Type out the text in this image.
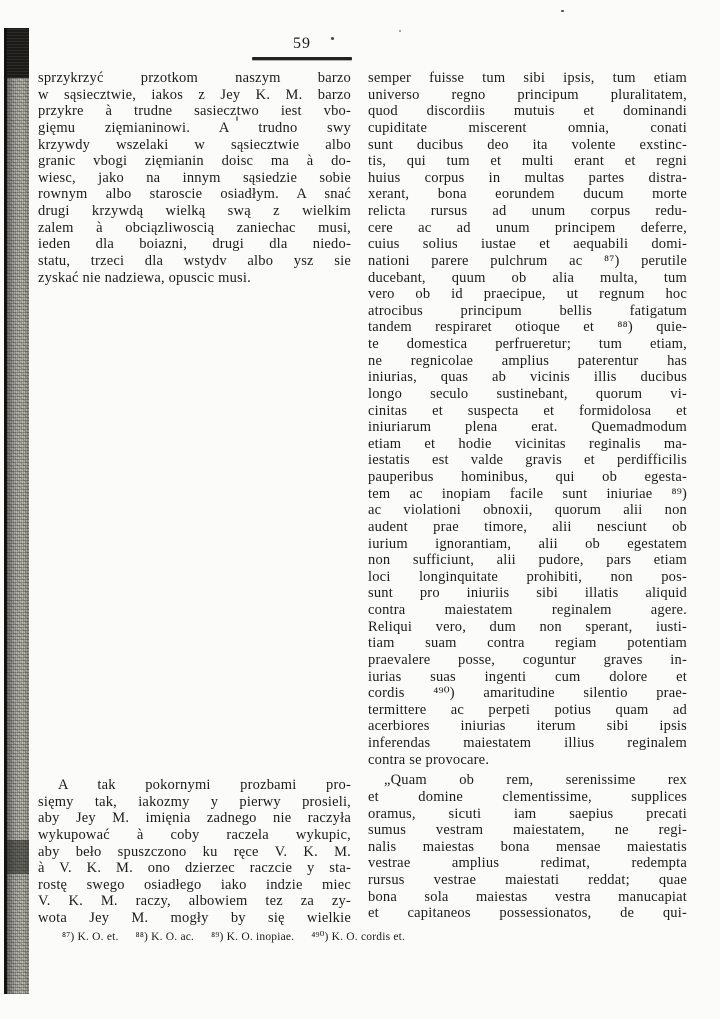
59
sprzykrzyć przotkom naszym barzo
w sąsiecztwie, iakos z Jey K. M. barzo
przykre à trudne sasiecztwo iest vbo-
gięmu zięmianinowi. A trudno swy
krzywdy wszelaki w sąsiecztwie albo
granic vbogi zięmianin doisc ma à do-
wiesc, jako na innym sąsiedzie sobie
rownym albo staroscie osiadłym. A snać
drugi krzywdą wielką swą z wielkim
zalem à obciązliwoscią zaniechac musi,
ieden dla boiazni, drugi dla niedo-
statu, trzeci dla wstydv albo ysz sie
zyskać nie nadziewa, opuscic musi.
A tak pokornymi prozbami pro-
sięmy tak, iakozmy y pierwy prosieli,
aby Jey M. imięnia zadnego nie raczyła
wykupować à coby raczela wykupic,
aby beło spuszczono ku ręce V. K. M.
à V. K. M. ono dzierzec raczcie y sta-
rostę swego osiadłego iako indzie miec
V. K. M. raczy, albowiem tez za zy-
wota Jey M. mogły by się wielkie
semper fuisse tum sibi ipsis, tum etiam
universo regno principum pluralitatem,
quod discordiis mutuis et dominandi
cupiditate miscerent omnia, conati
sunt ducibus deo ita volente exstinc-
tis, qui tum et multi erant et regni
huius corpus in multas partes distra-
xerant, bona eorundem ducum morte
relicta rursus ad unum corpus redu-
cere ac ad unum principem deferre,
cuius solius iustae et aequabili domi-
nationi parere pulchrum ac ⁸⁷) perutile
ducebant, quum ob alia multa, tum
vero ob id praecipue, ut regnum hoc
atrocibus principum bellis fatigatum
tandem respiraret otioque et ⁸⁸) quie-
te domestica perfrueretur; tum etiam,
ne regnicolae amplius paterentur has
iniurias, quas ab vicinis illis ducibus
longo seculo sustinebant, quorum vi-
cinitas et suspecta et formidolosa et
iniuriarum plena erat. Quemadmodum
etiam et hodie vicinitas reginalis ma-
iestatis est valde gravis et perdifficilis
pauperibus hominibus, qui ob egesta-
tem ac inopiam facile sunt iniuriae ⁸⁹)
ac violationi obnoxii, quorum alii non
audent prae timore, alii nesciunt ob
iurium ignorantiam, alii ob egestatem
non sufficiunt, alii pudore, pars etiam
loci longinquitate prohibiti, non pos-
sunt pro iniuriis sibi illatis aliquid
contra maiestatem reginalem agere.
Reliqui vero, dum non sperant, iusti-
tiam suam contra regiam potentiam
praevalere posse, coguntur graves in-
iurias suas ingenti cum dolore et
cordis ⁴⁹⁰) amaritudine silentio prae-
termittere ac perpeti potius quam ad
acerbiores iniurias iterum sibi ipsis
inferendas maiestatem illius reginalem
contra se provocare.
„Quam ob rem, serenissime rex
et domine clementissime, supplices
oramus, sicuti iam saepius precati
sumus vestram maiestatem, ne regi-
nalis maiestas bona mensae maiestatis
vestrae amplius redimat, redempta
rursus vestrae maiestati reddat; quae
bona sola maiestas vestra manucapiat
et capitaneos possessionatos, de qui-
⁸⁷) K. O. et. ⁸⁸) K. O. ac. ⁸⁹) K. O. inopiae. ⁴⁹⁰) K. O. cordis et.
